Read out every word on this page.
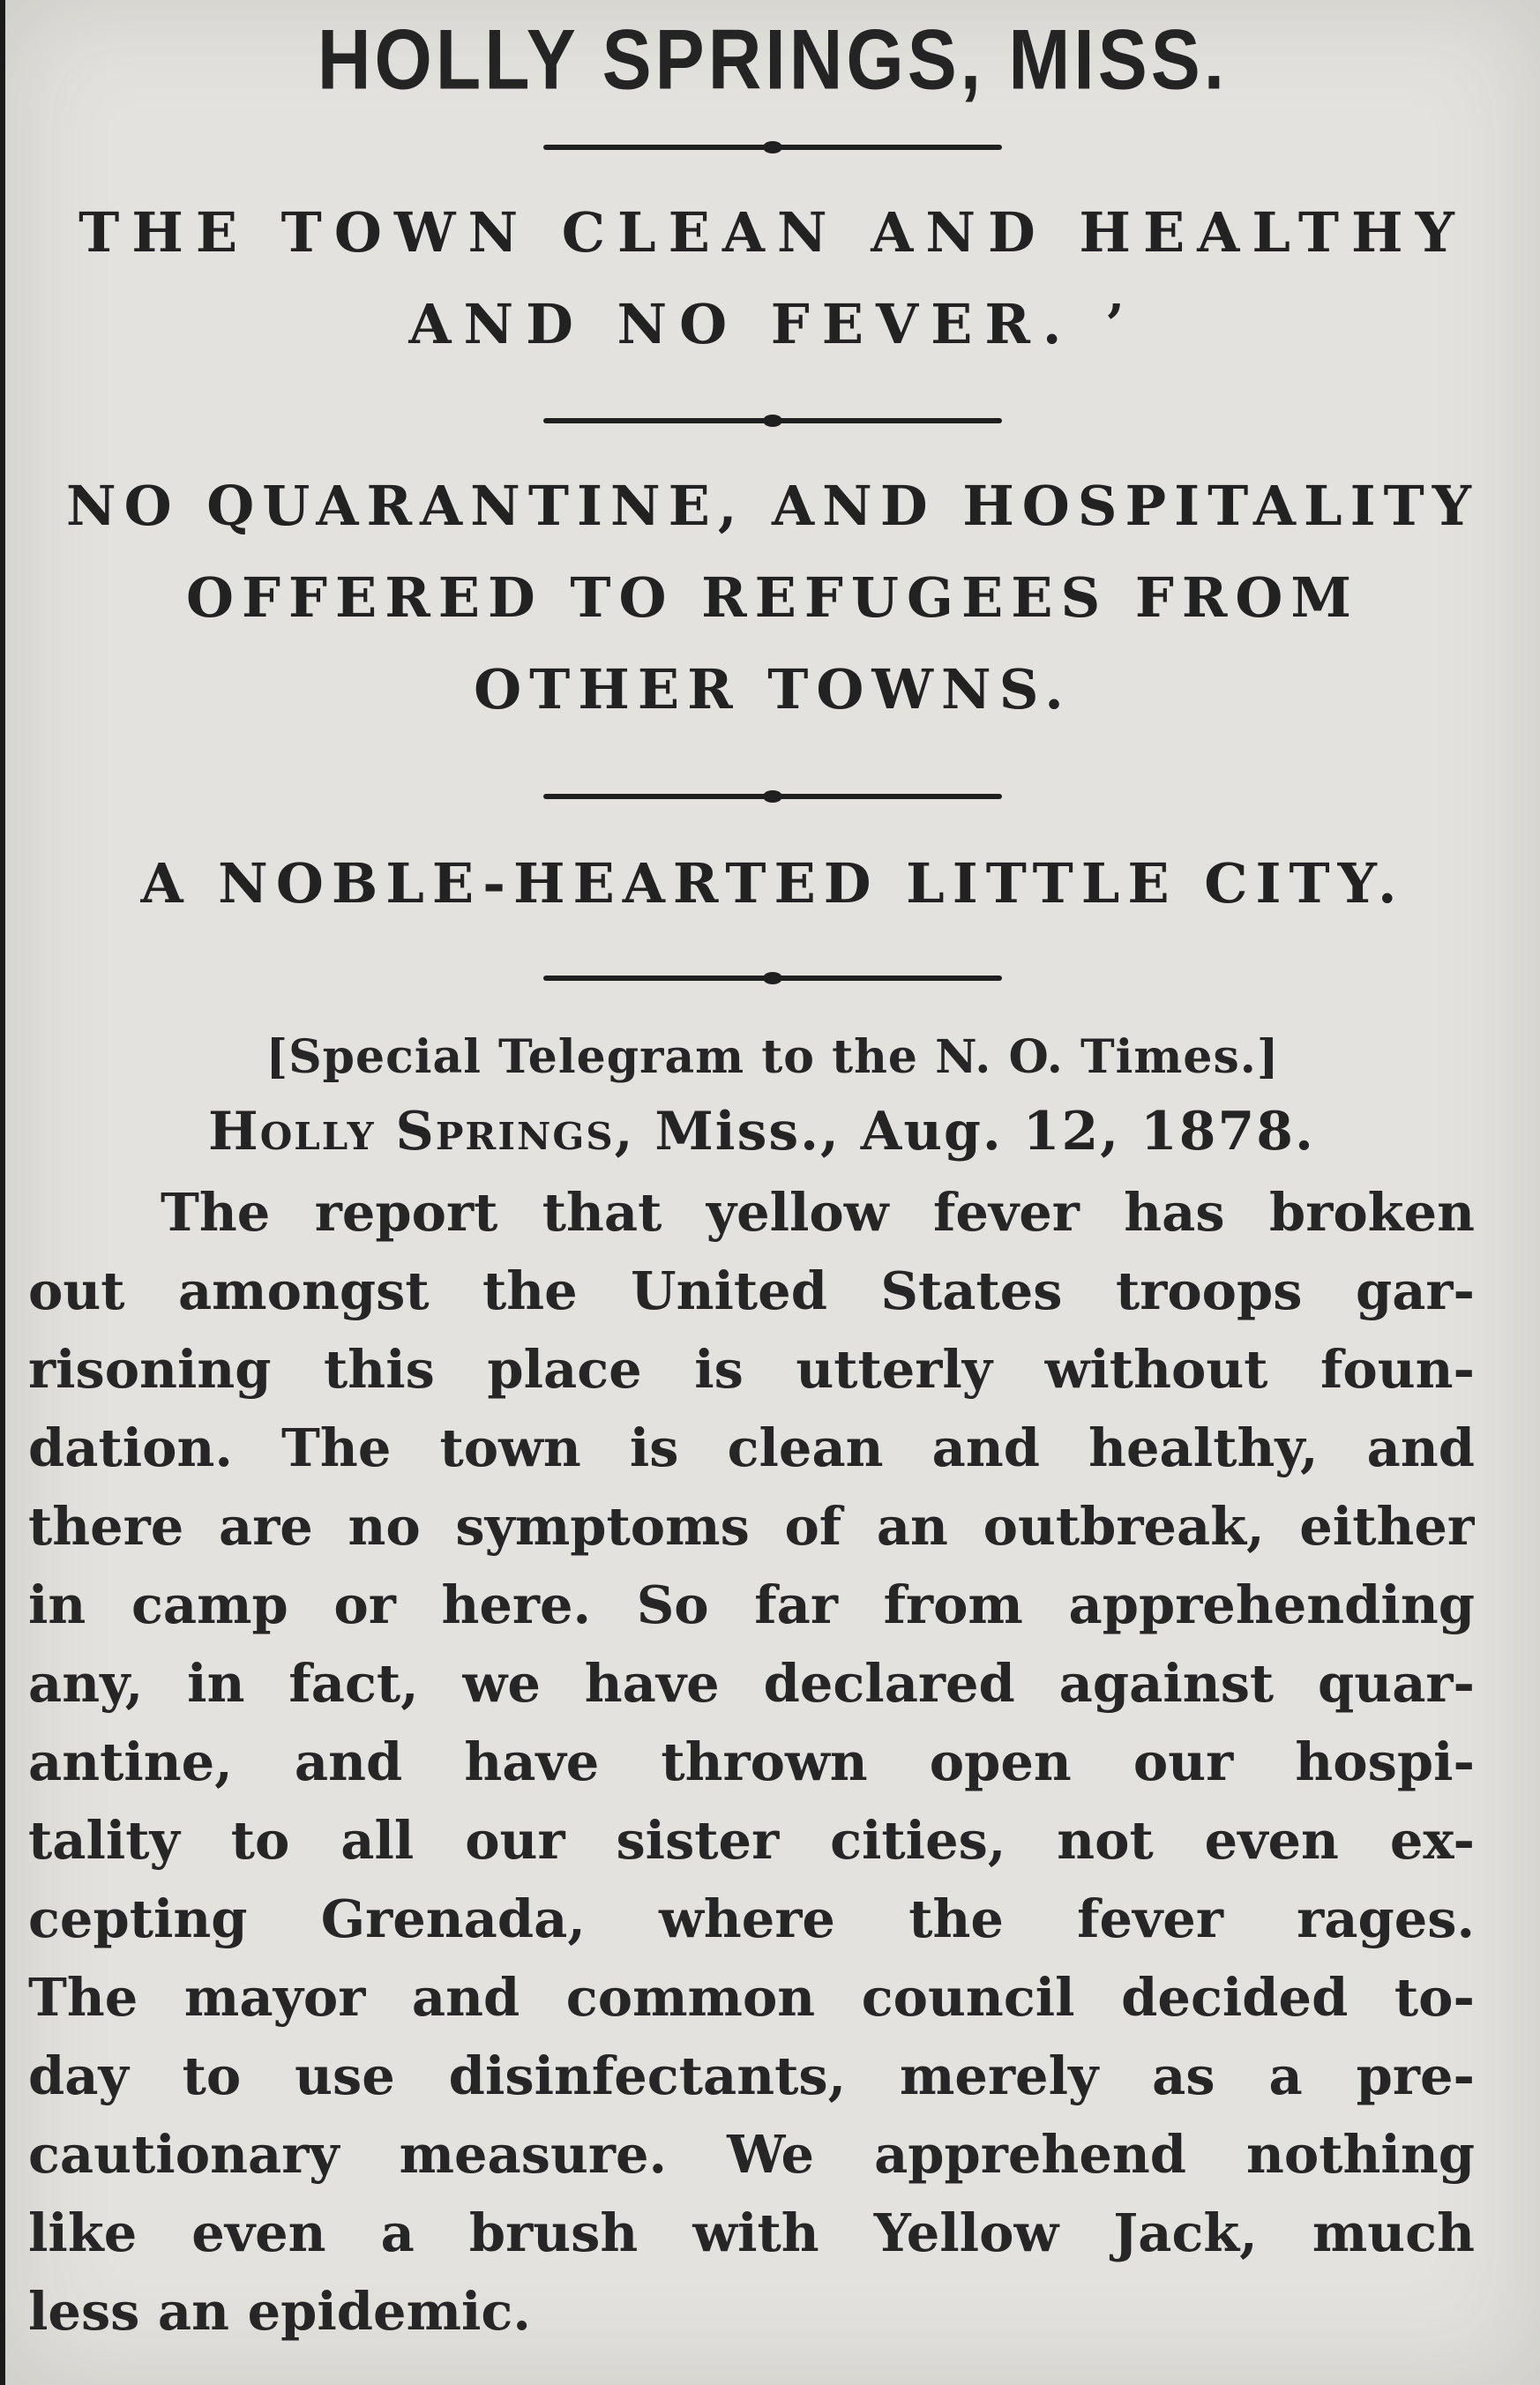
HOLLY SPRINGS, MISS.
THE TOWN CLEAN AND HEALTHY
AND NO FEVER. ’
NO QUARANTINE, AND HOSPITALITY
OFFERED TO REFUGEES FROM
OTHER TOWNS.
A NOBLE-HEARTED LITTLE CITY.
[Special Telegram to the N. O. Times.]
Holly Springs, Miss., Aug. 12, 1878.
The report that yellow fever has broken
out amongst the United States troops gar-
risoning this place is utterly without foun-
dation. The town is clean and healthy, and
there are no symptoms of an outbreak, either
in camp or here. So far from apprehending
any, in fact, we have declared against quar-
antine, and have thrown open our hospi-
tality to all our sister cities, not even ex-
cepting Grenada, where the fever rages.
The mayor and common council decided to-
day to use disinfectants, merely as a pre-
cautionary measure. We apprehend nothing
like even a brush with Yellow Jack, much
less an epidemic.
